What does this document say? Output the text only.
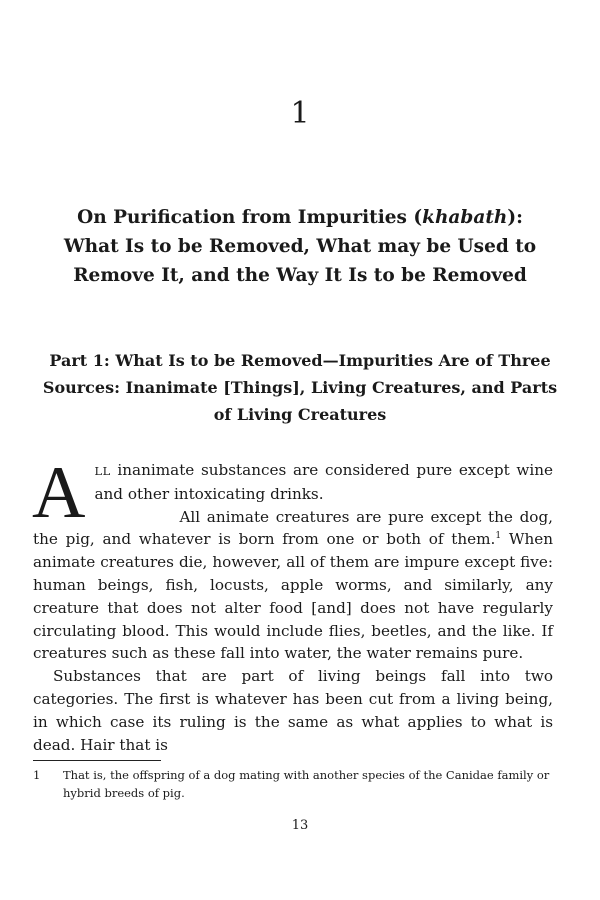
1
On Purification from Impurities (khabath):
What Is to be Removed, What may be Used to
Remove It, and the Way It Is to be Removed
Part 1: What Is to be Removed—Impurities Are of Three
Sources: Inanimate [Things], Living Creatures, and Parts
of Living Creatures

ALL inanimate substances are considered pure except wine and other intoxicating drinks.

All animate creatures are pure except the dog, the pig, and whatever is born from one or both of them.$^1$ When animate creatures die, however, all of them are impure except five: human beings, fish, locusts, apple worms, and similarly, any creature that does not alter food [and] does not have regularly circulating blood. This would include flies, beetles, and the like. If creatures such as these fall into water, the water remains pure.

Substances that are part of living beings fall into two categories. The first is whatever has been cut from a living being, in which case its ruling is the same as what applies to what is dead. Hair that is

1	That is, the offspring of a dog mating with another species of the Canidae family or hybrid breeds of pig.
13
